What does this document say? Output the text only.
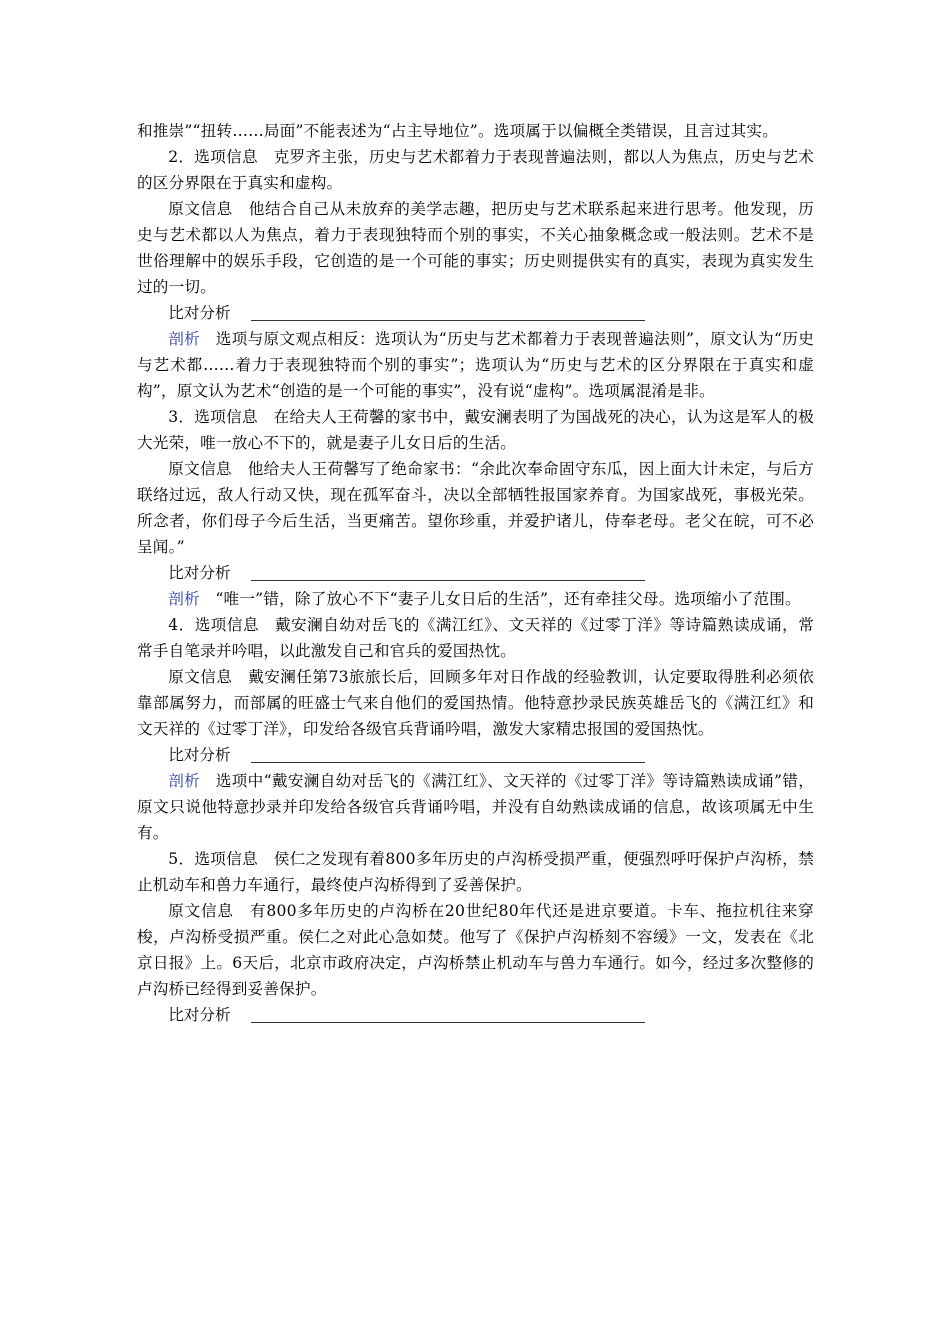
和推崇”“扭转……局面”不能表述为“占主导地位”。选项属于以偏概全类错误，且言过其实。

2．选项信息 克罗齐主张，历史与艺术都着力于表现普遍法则，都以人为焦点，历史与艺术的区分界限在于真实和虚构。

原文信息 他结合自己从未放弃的美学志趣，把历史与艺术联系起来进行思考。他发现，历史与艺术都以人为焦点，着力于表现独特而个别的事实，不关心抽象概念或一般法则。艺术不是世俗理解中的娱乐手段，它创造的是一个可能的事实；历史则提供实有的真实，表现为真实发生过的一切。

比对分析

剖析 选项与原文观点相反：选项认为“历史与艺术都着力于表现普遍法则”，原文认为“历史与艺术都……着力于表现独特而个别的事实”；选项认为“历史与艺术的区分界限在于真实和虚构”，原文认为艺术“创造的是一个可能的事实”，没有说“虚构”。选项属混淆是非。

3．选项信息 在给夫人王荷馨的家书中，戴安澜表明了为国战死的决心，认为这是军人的极大光荣，唯一放心不下的，就是妻子儿女日后的生活。

原文信息 他给夫人王荷馨写了绝命家书：“余此次奉命固守东瓜，因上面大计未定，与后方联络过远，敌人行动又快，现在孤军奋斗，决以全部牺牲报国家养育。为国家战死，事极光荣。所念者，你们母子今后生活，当更痛苦。望你珍重，并爱护诸儿，侍奉老母。老父在皖，可不必呈闻。”

比对分析

剖析 “唯一”错，除了放心不下“妻子儿女日后的生活”，还有牵挂父母。选项缩小了范围。

4．选项信息 戴安澜自幼对岳飞的《满江红》、文天祥的《过零丁洋》等诗篇熟读成诵，常常手自笔录并吟唱，以此激发自己和官兵的爱国热忱。

原文信息 戴安澜任第73旅旅长后，回顾多年对日作战的经验教训，认定要取得胜利必须依靠部属努力，而部属的旺盛士气来自他们的爱国热情。他特意抄录民族英雄岳飞的《满江红》和文天祥的《过零丁洋》，印发给各级官兵背诵吟唱，激发大家精忠报国的爱国热忱。

比对分析

剖析 选项中“戴安澜自幼对岳飞的《满江红》、文天祥的《过零丁洋》等诗篇熟读成诵”错，原文只说他特意抄录并印发给各级官兵背诵吟唱，并没有自幼熟读成诵的信息，故该项属无中生有。

5．选项信息 侯仁之发现有着800多年历史的卢沟桥受损严重，便强烈呼吁保护卢沟桥，禁止机动车和兽力车通行，最终使卢沟桥得到了妥善保护。

原文信息 有800多年历史的卢沟桥在20世纪80年代还是进京要道。卡车、拖拉机往来穿梭，卢沟桥受损严重。侯仁之对此心急如焚。他写了《保护卢沟桥刻不容缓》一文，发表在《北京日报》上。6天后，北京市政府决定，卢沟桥禁止机动车与兽力车通行。如今，经过多次整修的卢沟桥已经得到妥善保护。

比对分析
